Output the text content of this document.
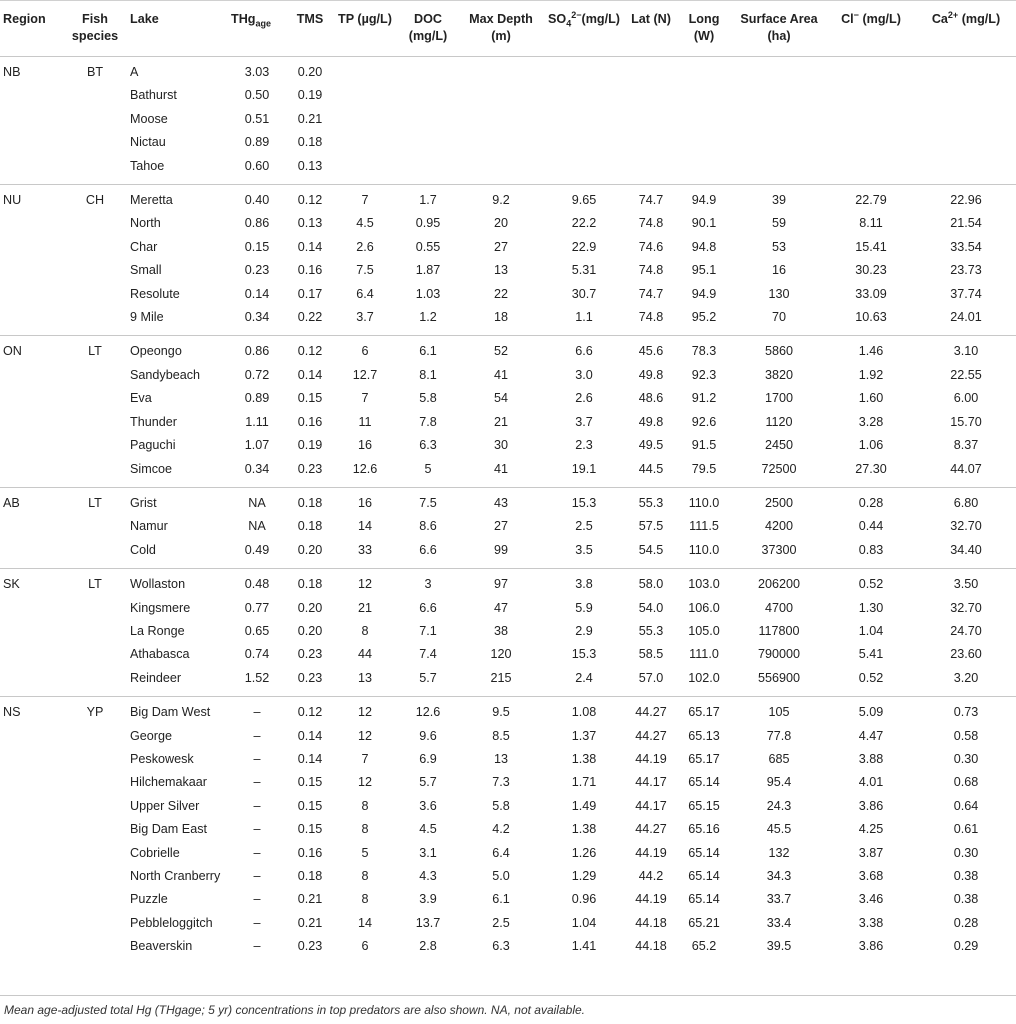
Region	Fish species	Lake	THg$_{age}$	TMS	TP (µg/L)	DOC (mg/L)	Max Depth (m)	$SO_4^{2-}(mg/L)$	Lat (N)	Long (W)	Surface Area (ha)	Cl− (mg/L)	$Ca^{2+}$ (mg/L)
NB	BT	A	3.03	0.20									
		Bathurst	0.50	0.19									
		Moose	0.51	0.21									
		Nictau	0.89	0.18									
		Tahoe	0.60	0.13									
NU	CH	Meretta	0.40	0.12	7	1.7	9.2	9.65	74.7	94.9	39	22.79	22.96
		North	0.86	0.13	4.5	0.95	20	22.2	74.8	90.1	59	8.11	21.54
		Char	0.15	0.14	2.6	0.55	27	22.9	74.6	94.8	53	15.41	33.54
		Small	0.23	0.16	7.5	1.87	13	5.31	74.8	95.1	16	30.23	23.73
		Resolute	0.14	0.17	6.4	1.03	22	30.7	74.7	94.9	130	33.09	37.74
		9 Mile	0.34	0.22	3.7	1.2	18	1.1	74.8	95.2	70	10.63	24.01
ON	LT	Opeongo	0.86	0.12	6	6.1	52	6.6	45.6	78.3	5860	1.46	3.10
		Sandybeach	0.72	0.14	12.7	8.1	41	3.0	49.8	92.3	3820	1.92	22.55
		Eva	0.89	0.15	7	5.8	54	2.6	48.6	91.2	1700	1.60	6.00
		Thunder	1.11	0.16	11	7.8	21	3.7	49.8	92.6	1120	3.28	15.70
		Paguchi	1.07	0.19	16	6.3	30	2.3	49.5	91.5	2450	1.06	8.37
		Simcoe	0.34	0.23	12.6	5	41	19.1	44.5	79.5	72500	27.30	44.07
AB	LT	Grist	NA	0.18	16	7.5	43	15.3	55.3	110.0	2500	0.28	6.80
		Namur	NA	0.18	14	8.6	27	2.5	57.5	111.5	4200	0.44	32.70
		Cold	0.49	0.20	33	6.6	99	3.5	54.5	110.0	37300	0.83	34.40
SK	LT	Wollaston	0.48	0.18	12	3	97	3.8	58.0	103.0	206200	0.52	3.50
		Kingsmere	0.77	0.20	21	6.6	47	5.9	54.0	106.0	4700	1.30	32.70
		La Ronge	0.65	0.20	8	7.1	38	2.9	55.3	105.0	117800	1.04	24.70
		Athabasca	0.74	0.23	44	7.4	120	15.3	58.5	111.0	790000	5.41	23.60
		Reindeer	1.52	0.23	13	5.7	215	2.4	57.0	102.0	556900	0.52	3.20
NS	YP	Big Dam West	–	0.12	12	12.6	9.5	1.08	44.27	65.17	105	5.09	0.73
		George	–	0.14	12	9.6	8.5	1.37	44.27	65.13	77.8	4.47	0.58
		Peskowesk	–	0.14	7	6.9	13	1.38	44.19	65.17	685	3.88	0.30
		Hilchemakaar	–	0.15	12	5.7	7.3	1.71	44.17	65.14	95.4	4.01	0.68
		Upper Silver	–	0.15	8	3.6	5.8	1.49	44.17	65.15	24.3	3.86	0.64
		Big Dam East	–	0.15	8	4.5	4.2	1.38	44.27	65.16	45.5	4.25	0.61
		Cobrielle	–	0.16	5	3.1	6.4	1.26	44.19	65.14	132	3.87	0.30
		North Cranberry	–	0.18	8	4.3	5.0	1.29	44.2	65.14	34.3	3.68	0.38
		Puzzle	–	0.21	8	3.9	6.1	0.96	44.19	65.14	33.7	3.46	0.38
		Pebbleloggitch	–	0.21	14	13.7	2.5	1.04	44.18	65.21	33.4	3.38	0.28
		Beaverskin	–	0.23	6	2.8	6.3	1.41	44.18	65.2	39.5	3.86	0.29
Mean age-adjusted total Hg (THgage; 5 yr) concentrations in top predators are also shown. NA, not available.
